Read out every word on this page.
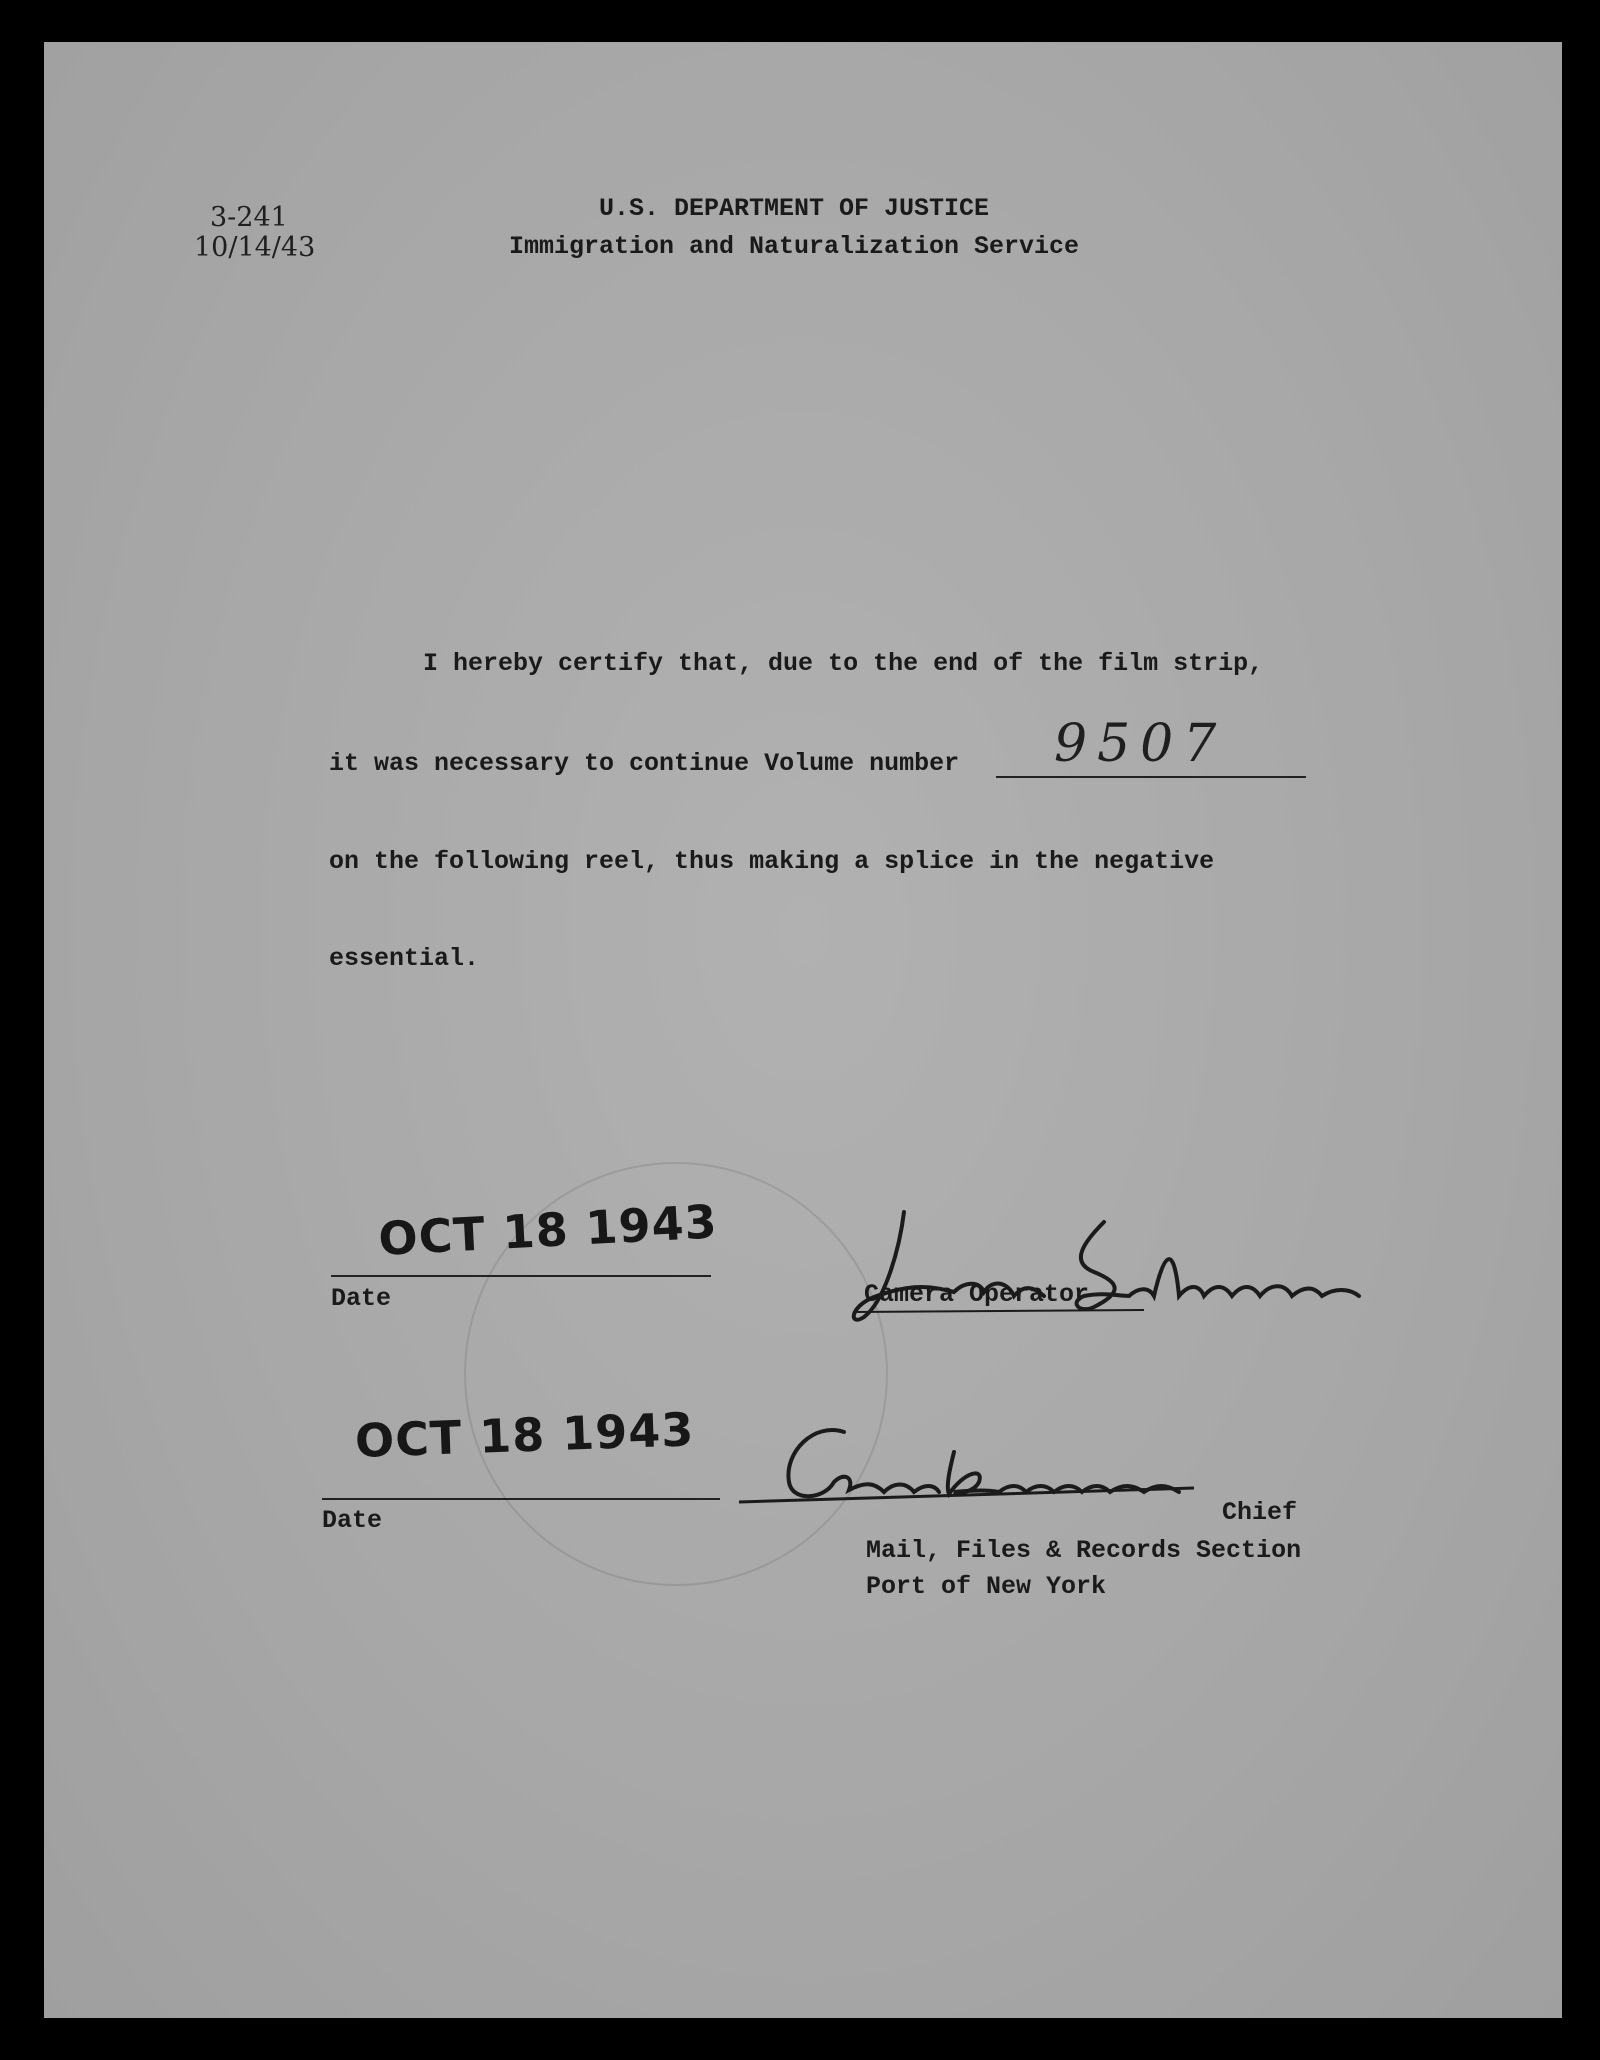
3-241
10/14/43
U.S. DEPARTMENT OF JUSTICE
Immigration and Naturalization Service
I hereby certify that, due to the end of the film strip,
it was necessary to continue Volume number 9507
on the following reel, thus making a splice in the negative
essential.
OCT 18 1943
Date	Camera Operator
OCT 18 1943
Date	Chief
Mail, Files & Records Section
Port of New York
